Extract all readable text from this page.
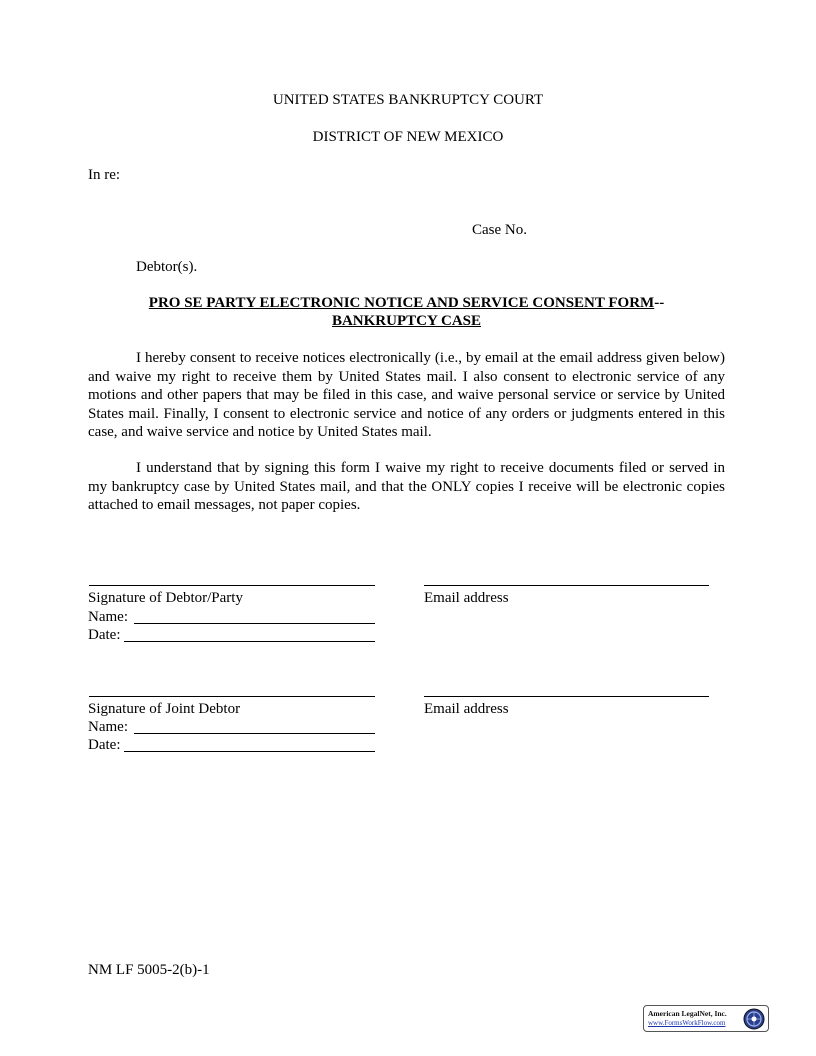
UNITED STATES BANKRUPTCY COURT
DISTRICT OF NEW MEXICO
In re:
Case No.
Debtor(s).
PRO SE PARTY ELECTRONIC NOTICE AND SERVICE CONSENT FORM--
BANKRUPTCY CASE
I hereby consent to receive notices electronically (i.e., by email at the email address given below) and waive my right to receive them by United States mail. I also consent to electronic service of any motions and other papers that may be filed in this case, and waive personal service or service by United States mail. Finally, I consent to electronic service and notice of any orders or judgments entered in this case, and waive service and notice by United States mail.
I understand that by signing this form I waive my right to receive documents filed or served in my bankruptcy case by United States mail, and that the ONLY copies I receive will be electronic copies attached to email messages, not paper copies.
Signature of Debtor/Party	Email address
Name:
Date:
Signature of Joint Debtor	Email address
Name:
Date:
NM LF 5005-2(b)-1
American LegalNet, Inc.
www.FormsWorkFlow.com
